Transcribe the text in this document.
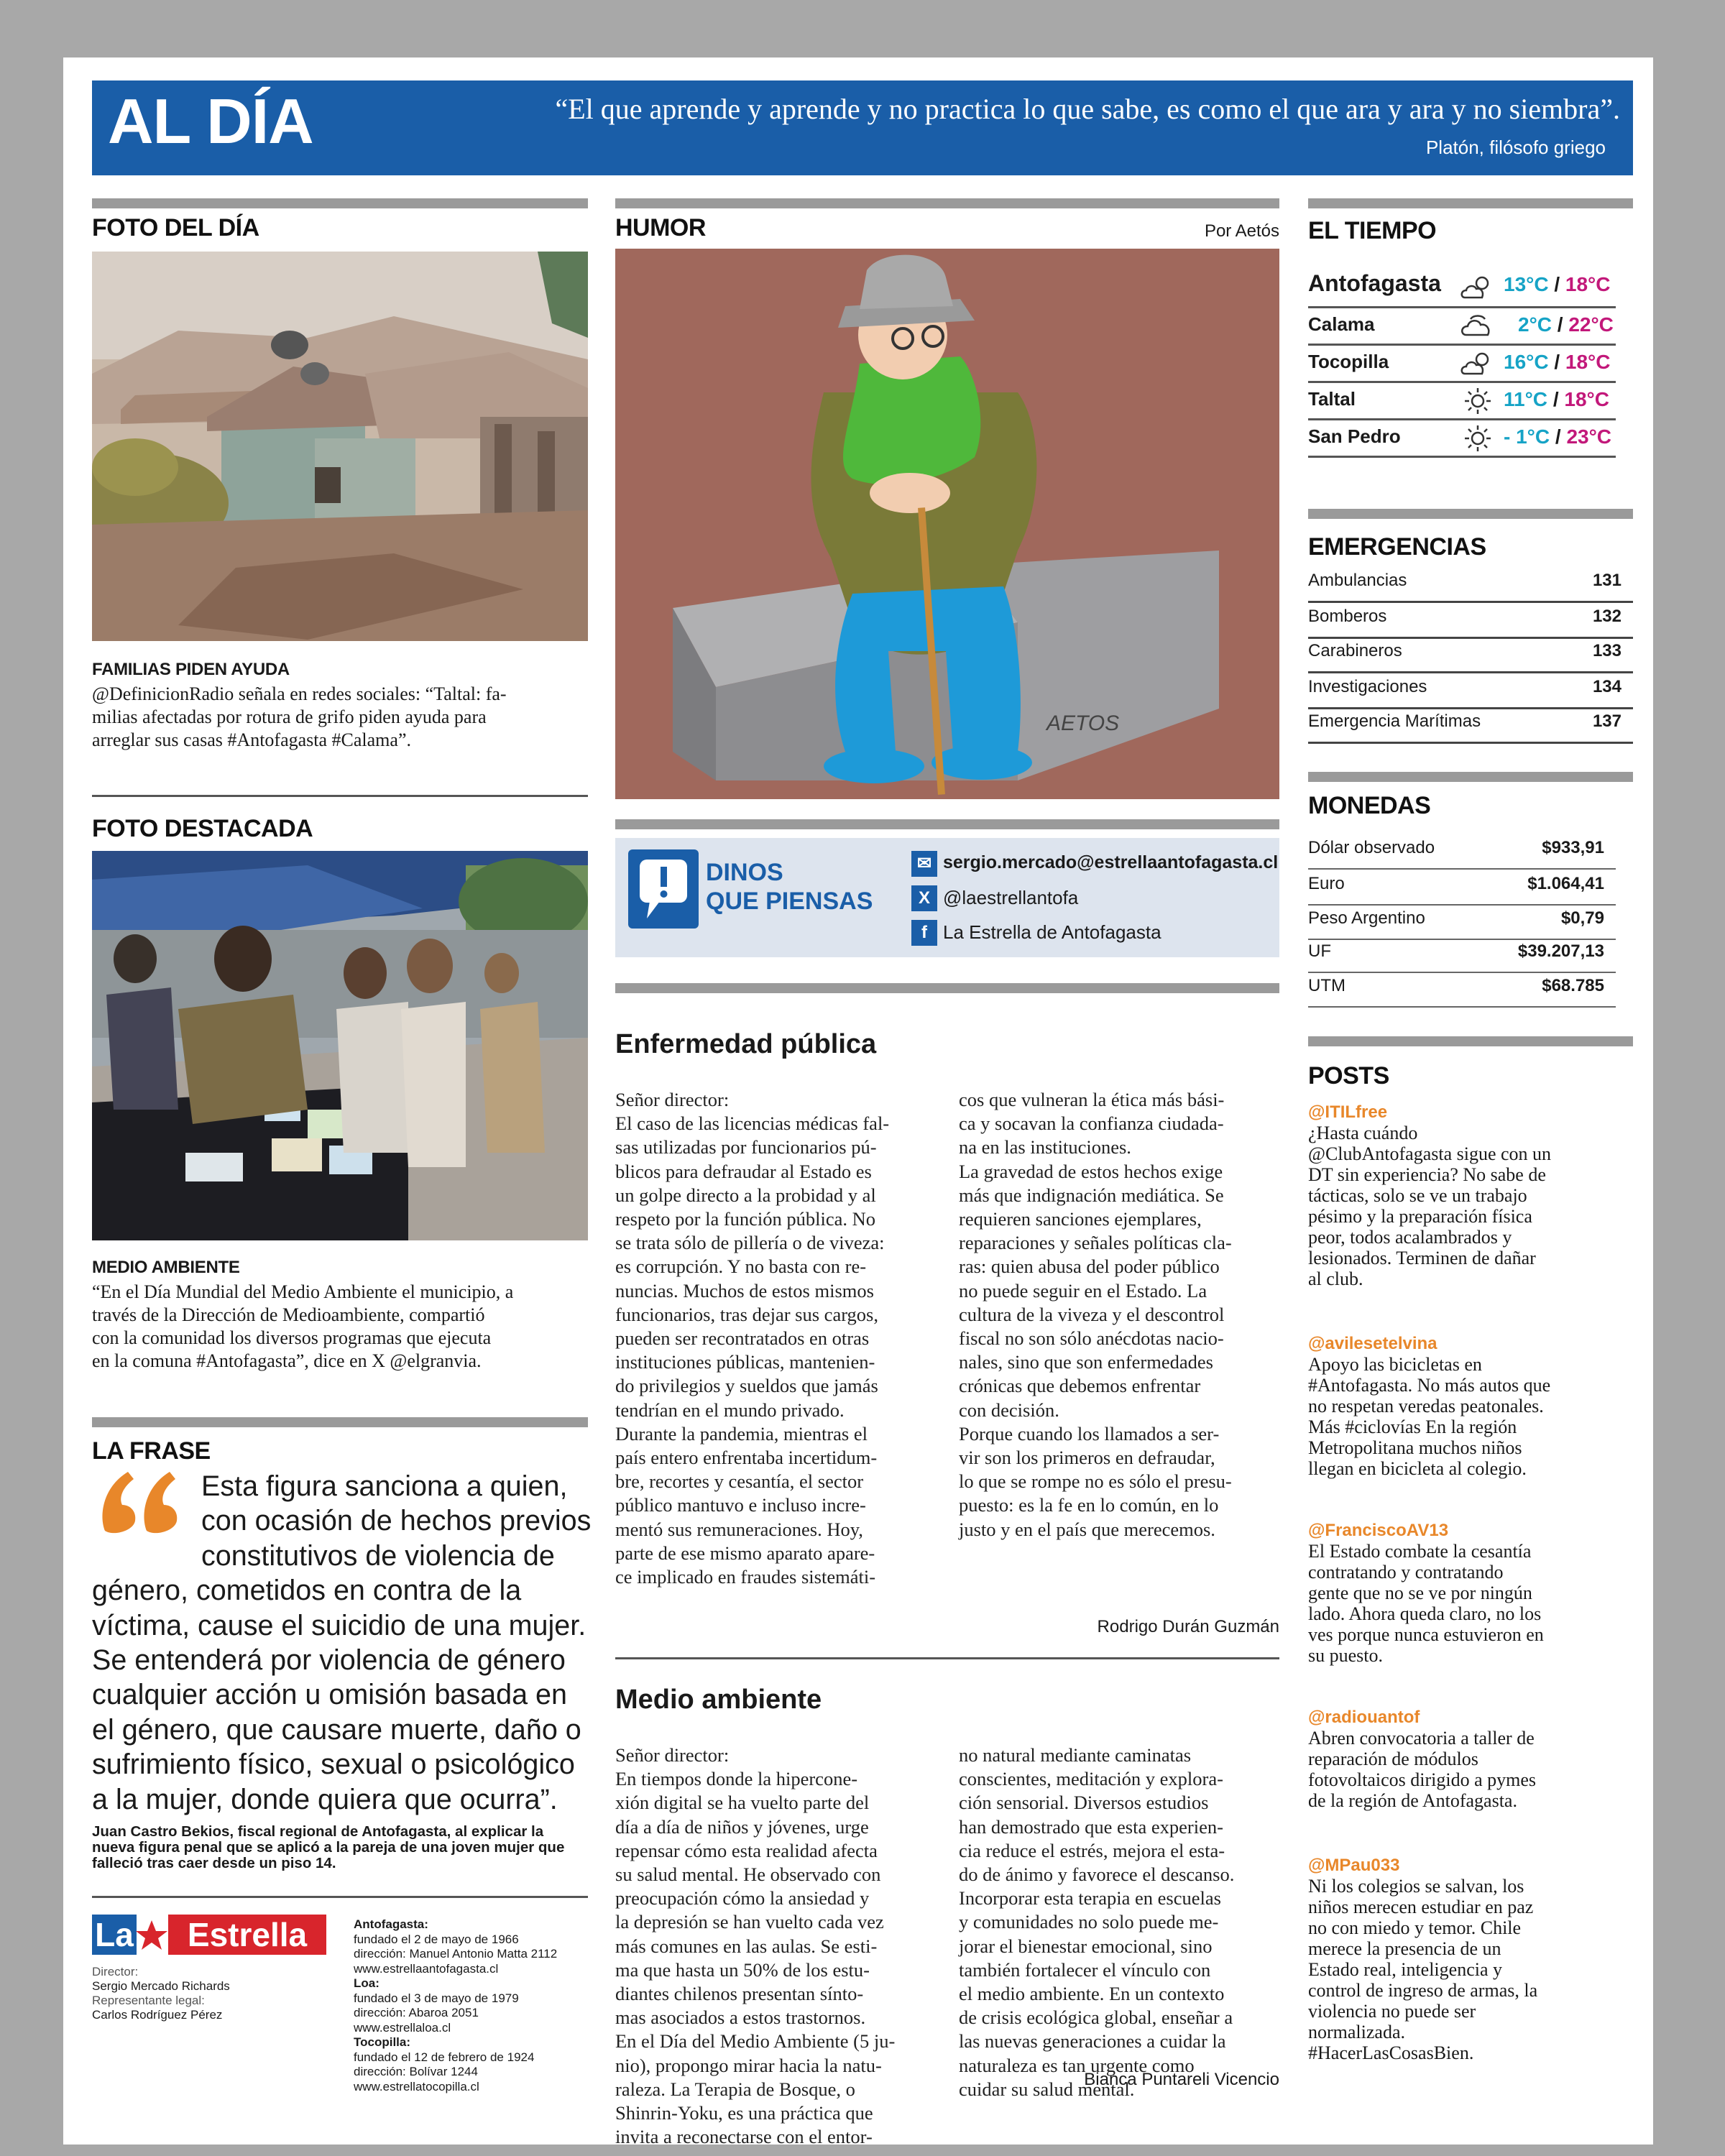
AL DÍA	“El que aprende y aprende y no practica lo que sabe, es como el que ara y ara y no siembra”.
Platón, filósofo griego
FOTO DEL DÍA
FAMILIAS PIDEN AYUDA
@DefinicionRadio señala en redes sociales: “Taltal: fa-
milias afectadas por rotura de grifo piden ayuda para
arreglar sus casas #Antofagasta #Calama”.
FOTO DESTACADA
MEDIO AMBIENTE
“En el Día Mundial del Medio Ambiente el municipio, a
través de la Dirección de Medioambiente, compartió
con la comunidad los diversos programas que ejecuta
en la comuna #Antofagasta”, dice en X @elgranvia.
LA FRASE
Esta figura sanciona a quien,
con ocasión de hechos previos
constitutivos de violencia de
género, cometidos en contra de la
víctima, cause el suicidio de una mujer.
Se entenderá por violencia de género
cualquier acción u omisión basada en
el género, que causare muerte, daño o
sufrimiento físico, sexual o psicológico
a la mujer, donde quiera que ocurra”.
Juan Castro Bekios, fiscal regional de Antofagasta, al explicar la
nueva figura penal que se aplicó a la pareja de una joven mujer que
falleció tras caer desde un piso 14.
La	Estrella
Director:
Sergio Mercado Richards
Representante legal:
Carlos Rodríguez Pérez
Antofagasta:
fundado el 2 de mayo de 1966
dirección: Manuel Antonio Matta 2112
www.estrellaantofagasta.cl
Loa:
fundado el 3 de mayo de 1979
dirección: Abaroa 2051
www.estrellaloa.cl
Tocopilla:
fundado el 12 de febrero de 1924
dirección: Bolívar 1244
www.estrellatocopilla.cl
HUMOR	Por Aetós
AETOS
DINOS
QUE PIENSAS
✉ sergio.mercado@estrellaantofagasta.cl
X @laestrellantofa
f La Estrella de Antofagasta
Enfermedad pública
Señor director:
El caso de las licencias médicas fal-
sas utilizadas por funcionarios pú-
blicos para defraudar al Estado es
un golpe directo a la probidad y al
respeto por la función pública. No
se trata sólo de pillería o de viveza:
es corrupción. Y no basta con re-
nuncias. Muchos de estos mismos
funcionarios, tras dejar sus cargos,
pueden ser recontratados en otras
instituciones públicas, mantenien-
do privilegios y sueldos que jamás
tendrían en el mundo privado.
Durante la pandemia, mientras el
país entero enfrentaba incertidum-
bre, recortes y cesantía, el sector
público mantuvo e incluso incre-
mentó sus remuneraciones. Hoy,
parte de ese mismo aparato apare-
ce implicado en fraudes sistemáti-
cos que vulneran la ética más bási-
ca y socavan la confianza ciudada-
na en las instituciones.
La gravedad de estos hechos exige
más que indignación mediática. Se
requieren sanciones ejemplares,
reparaciones y señales políticas cla-
ras: quien abusa del poder público
no puede seguir en el Estado. La
cultura de la viveza y el descontrol
fiscal no son sólo anécdotas nacio-
nales, sino que son enfermedades
crónicas que debemos enfrentar
con decisión.
Porque cuando los llamados a ser-
vir son los primeros en defraudar,
lo que se rompe no es sólo el presu-
puesto: es la fe en lo común, en lo
justo y en el país que merecemos.
Rodrigo Durán Guzmán
Medio ambiente
Señor director:
En tiempos donde la hipercone-
xión digital se ha vuelto parte del
día a día de niños y jóvenes, urge
repensar cómo esta realidad afecta
su salud mental. He observado con
preocupación cómo la ansiedad y
la depresión se han vuelto cada vez
más comunes en las aulas. Se esti-
ma que hasta un 50% de los estu-
diantes chilenos presentan sínto-
mas asociados a estos trastornos.
En el Día del Medio Ambiente (5 ju-
nio), propongo mirar hacia la natu-
raleza. La Terapia de Bosque, o
Shinrin-Yoku, es una práctica que
invita a reconectarse con el entor-
no natural mediante caminatas
conscientes, meditación y explora-
ción sensorial. Diversos estudios
han demostrado que esta experien-
cia reduce el estrés, mejora el esta-
do de ánimo y favorece el descanso.
Incorporar esta terapia en escuelas
y comunidades no solo puede me-
jorar el bienestar emocional, sino
también fortalecer el vínculo con
el medio ambiente. En un contexto
de crisis ecológica global, enseñar a
las nuevas generaciones a cuidar la
naturaleza es tan urgente como
cuidar su salud mental.
Bianca Puntareli Vicencio
EL TIEMPO
Antofagasta	13°C / 18°C
Calama	2°C / 22°C
Tocopilla	16°C / 18°C
Taltal	11°C / 18°C
San Pedro	- 1°C / 23°C
EMERGENCIAS
Ambulancias	131
Bomberos	132
Carabineros	133
Investigaciones	134
Emergencia Marítimas	137
MONEDAS
Dólar observado	$933,91
Euro	$1.064,41
Peso Argentino	$0,79
UF	$39.207,13
UTM	$68.785
POSTS
@ITILfree
¿Hasta cuándo
@ClubAntofagasta sigue con un
DT sin experiencia? No sabe de
tácticas, solo se ve un trabajo
pésimo y la preparación física
peor, todos acalambrados y
lesionados. Terminen de dañar
al club.
@avilesetelvina
Apoyo las bicicletas en
#Antofagasta. No más autos que
no respetan veredas peatonales.
Más #ciclovías En la región
Metropolitana muchos niños
llegan en bicicleta al colegio.
@FranciscoAV13
El Estado combate la cesantía
contratando y contratando
gente que no se ve por ningún
lado. Ahora queda claro, no los
ves porque nunca estuvieron en
su puesto.
@radiouantof
Abren convocatoria a taller de
reparación de módulos
fotovoltaicos dirigido a pymes
de la región de Antofagasta.
@MPau033
Ni los colegios se salvan, los
niños merecen estudiar en paz
no con miedo y temor. Chile
merece la presencia de un
Estado real, inteligencia y
control de ingreso de armas, la
violencia no puede ser
normalizada.
#HacerLasCosasBien.
